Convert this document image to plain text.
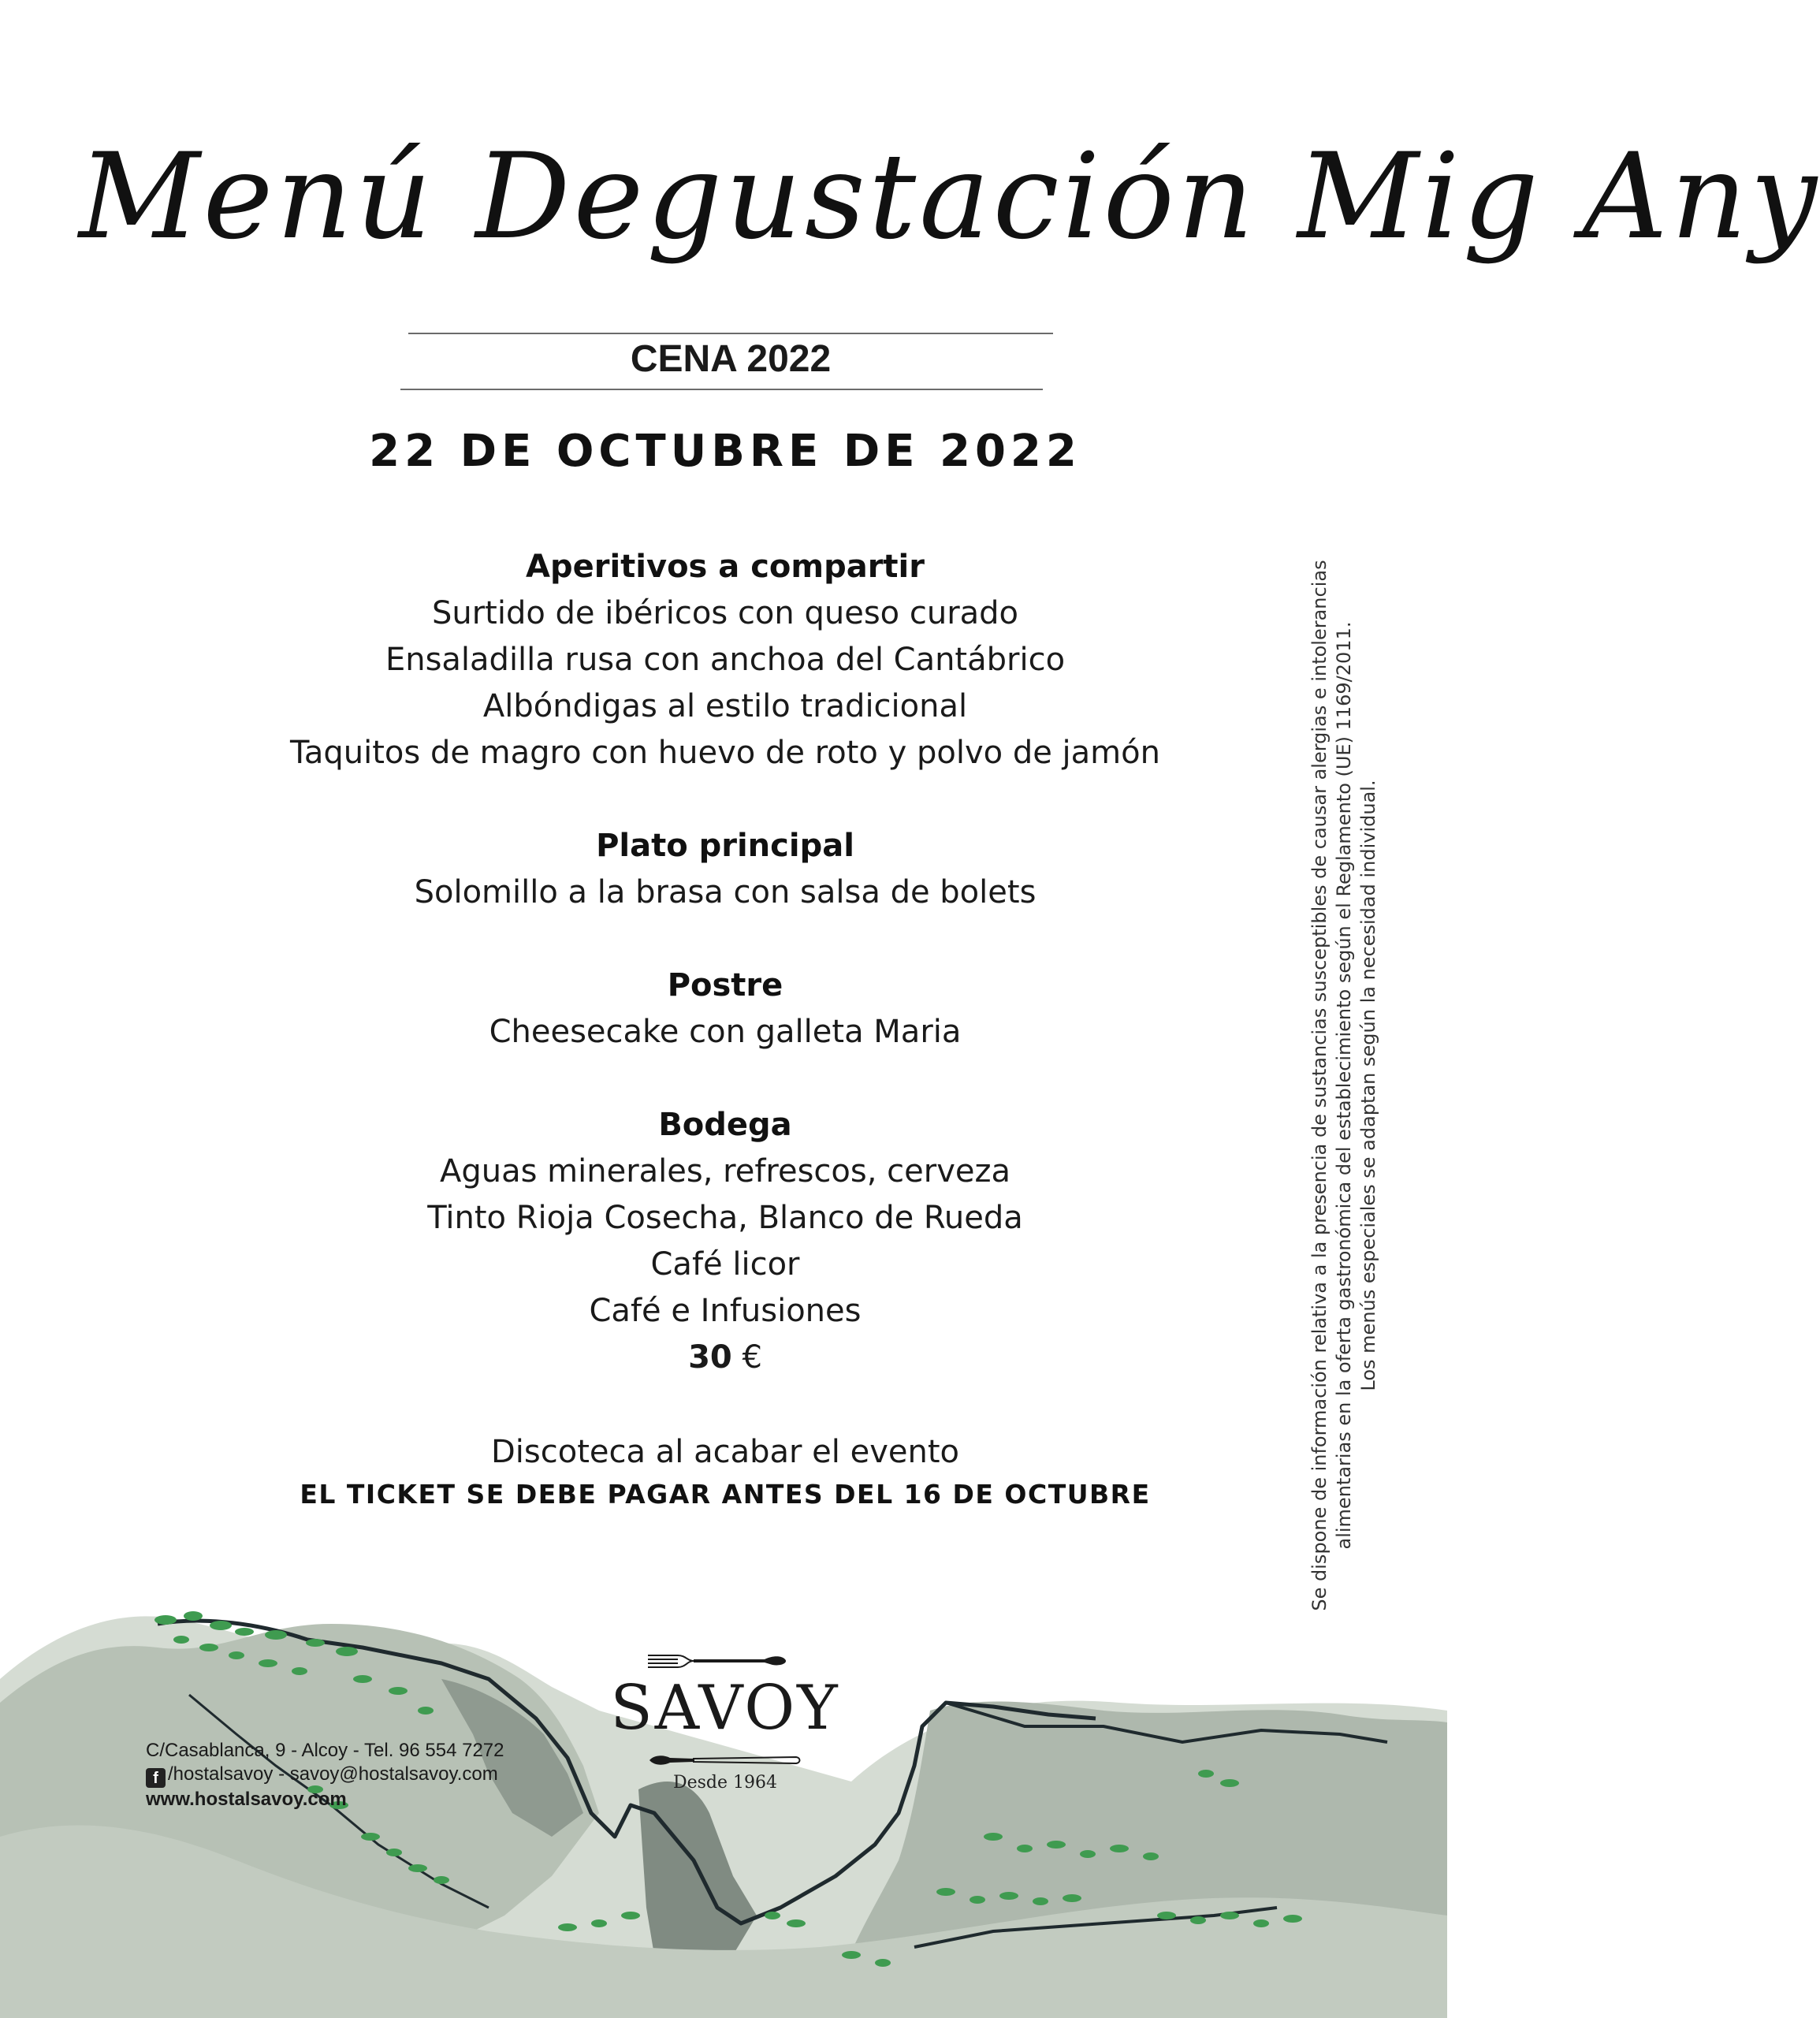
Menú Degustación Mig Any
CENA 2022
22 DE OCTUBRE DE 2022
Aperitivos a compartir
Surtido de ibéricos con queso curado
Ensaladilla rusa con anchoa del Cantábrico
Albóndigas al estilo tradicional
Taquitos de magro con huevo de roto y polvo de jamón
Plato principal
Solomillo a la brasa con salsa de bolets
Postre
Cheesecake con galleta Maria
Bodega
Aguas minerales, refrescos, cerveza
Tinto Rioja Cosecha, Blanco de Rueda
Café licor
Café e Infusiones
30 €
Discoteca al acabar el evento
EL TICKET SE DEBE PAGAR ANTES DEL 16 DE OCTUBRE	Se dispone de información relativa a la presencia de sustancias susceptibles de causar alergias e intolerancias alimentarias en la oferta gastronómica del establecimiento según el Reglamento (UE) 1169/2011. Los menús especiales se adaptan según la necesidad individual.
C/Casablanca, 9 - Alcoy - Tel. 96 554 7272
f /hostalsavoy - savoy@hostalsavoy.com
www.hostalsavoy.com
SAVOY
Desde 1964
